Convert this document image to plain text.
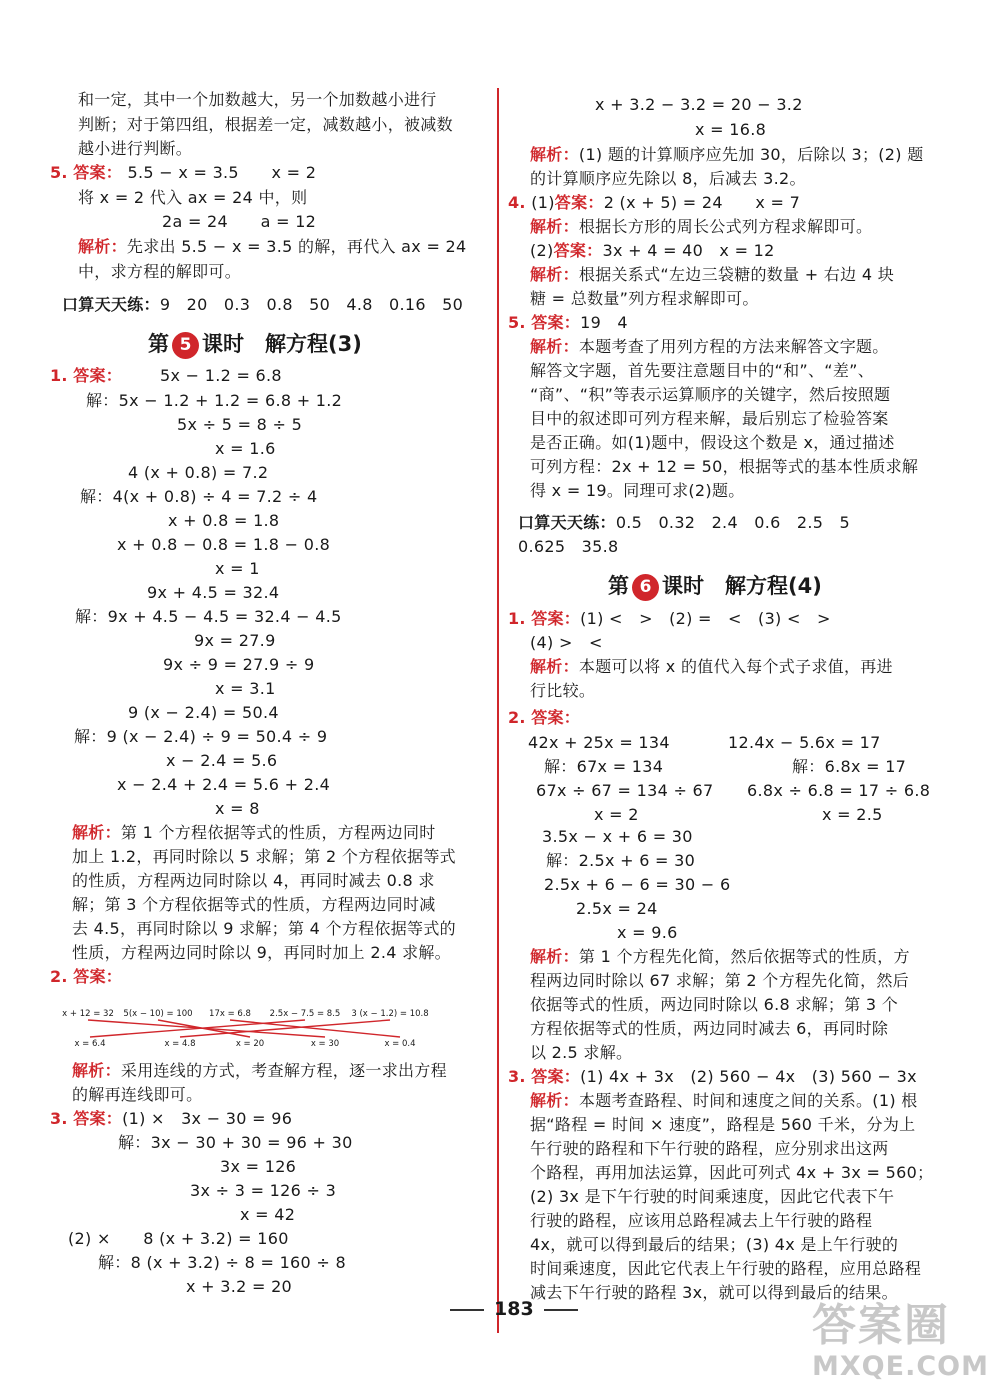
和一定，其中一个加数越大，另一个加数越小进行
判断；对于第四组，根据差一定，减数越小，被减数
越小进行判断。
5. 答案： 5.5 − x = 3.5　　x = 2
将 x = 2 代入 ax = 24 中，则
2a = 24　　a = 12
解析：先求出 5.5 − x = 3.5 的解，再代入 ax = 24
中，求方程的解即可。
口算天天练：9　20　0.3　0.8　50　4.8　0.16　50
第 5 课时　解方程(3)
1. 答案： 5x − 1.2 = 6.8
解：5x − 1.2 + 1.2 = 6.8 + 1.2
5x ÷ 5 = 8 ÷ 5
x = 1.6
4 (x + 0.8) = 7.2
解：4(x + 0.8) ÷ 4 = 7.2 ÷ 4
x + 0.8 = 1.8
x + 0.8 − 0.8 = 1.8 − 0.8
x = 1
9x + 4.5 = 32.4
解：9x + 4.5 − 4.5 = 32.4 − 4.5
9x = 27.9
9x ÷ 9 = 27.9 ÷ 9
x = 3.1
9 (x − 2.4) = 50.4
解：9 (x − 2.4) ÷ 9 = 50.4 ÷ 9
x − 2.4 = 5.6
x − 2.4 + 2.4 = 5.6 + 2.4
x = 8
解析：第 1 个方程依据等式的性质，方程两边同时
加上 1.2，再同时除以 5 求解；第 2 个方程依据等式
的性质，方程两边同时除以 4，再同时减去 0.8 求
解；第 3 个方程依据等式的性质，方程两边同时减
去 4.5，再同时除以 9 求解；第 4 个方程依据等式的
性质，方程两边同时除以 9，再同时加上 2.4 求解。
2. 答案：
x + 12 = 32 5(x − 10) = 100 17x = 6.8 2.5x − 7.5 = 8.5 3 (x − 1.2) = 10.8
x = 6.4	x = 4.8	x = 20	x = 30	x = 0.4
解析：采用连线的方式，考查解方程，逐一求出方程
的解再连线即可。
3. 答案：(1) ×　3x − 30 = 96
解：3x − 30 + 30 = 96 + 30
3x = 126
3x ÷ 3 = 126 ÷ 3
x = 42
(2) ×　　8 (x + 3.2) = 160
解：8 (x + 3.2) ÷ 8 = 160 ÷ 8
x + 3.2 = 20
x + 3.2 − 3.2 = 20 − 3.2
x = 16.8
解析：(1) 题的计算顺序应先加 30，后除以 3；(2) 题
的计算顺序应先除以 8，后减去 3.2。
4. (1)答案：2 (x + 5) = 24　　x = 7
解析：根据长方形的周长公式列方程求解即可。
(2)答案：3x + 4 = 40　x = 12
解析：根据关系式“左边三袋糖的数量 + 右边 4 块
糖 = 总数量”列方程求解即可。
5. 答案：19　4
解析：本题考查了用列方程的方法来解答文字题。
解答文字题，首先要注意题目中的“和”、“差”、
“商”、“积”等表示运算顺序的关键字，然后按照题
目中的叙述即可列方程来解，最后别忘了检验答案
是否正确。如(1)题中，假设这个数是 x，通过描述
可列方程：2x + 12 = 50，根据等式的基本性质求解
得 x = 19。同理可求(2)题。
口算天天练：0.5　0.32　2.4　0.6　2.5　5
0.625　35.8
第 6 课时　解方程(4)
1. 答案：(1) <　>　(2) =　<　(3) <　>
(4) >　<
解析：本题可以将 x 的值代入每个式子求值，再进
行比较。
2. 答案：
42x + 25x = 134
解：67x = 134
67x ÷ 67 = 134 ÷ 67
x = 2
12.4x − 5.6x = 17
解：6.8x = 17
6.8x ÷ 6.8 = 17 ÷ 6.8
x = 2.5
3.5x − x + 6 = 30
解：2.5x + 6 = 30
2.5x + 6 − 6 = 30 − 6
2.5x = 24
x = 9.6
解析：第 1 个方程先化简，然后依据等式的性质，方
程两边同时除以 67 求解；第 2 个方程先化简，然后
依据等式的性质，两边同时除以 6.8 求解；第 3 个
方程依据等式的性质，两边同时减去 6，再同时除
以 2.5 求解。
3. 答案：(1) 4x + 3x　(2) 560 − 4x　(3) 560 − 3x
解析：本题考查路程、时间和速度之间的关系。(1) 根
据“路程 = 时间 × 速度”，路程是 560 千米，分为上
午行驶的路程和下午行驶的路程，应分别求出这两
个路程，再用加法运算，因此可列式 4x + 3x = 560；
(2) 3x 是下午行驶的时间乘速度，因此它代表下午
行驶的路程，应该用总路程减去上午行驶的路程
4x，就可以得到最后的结果；(3) 4x 是上午行驶的
时间乘速度，因此它代表上午行驶的路程，应用总路程
减去下午行驶的路程 3x，就可以得到最后的结果。
183	答案圈
MXQE.COM
